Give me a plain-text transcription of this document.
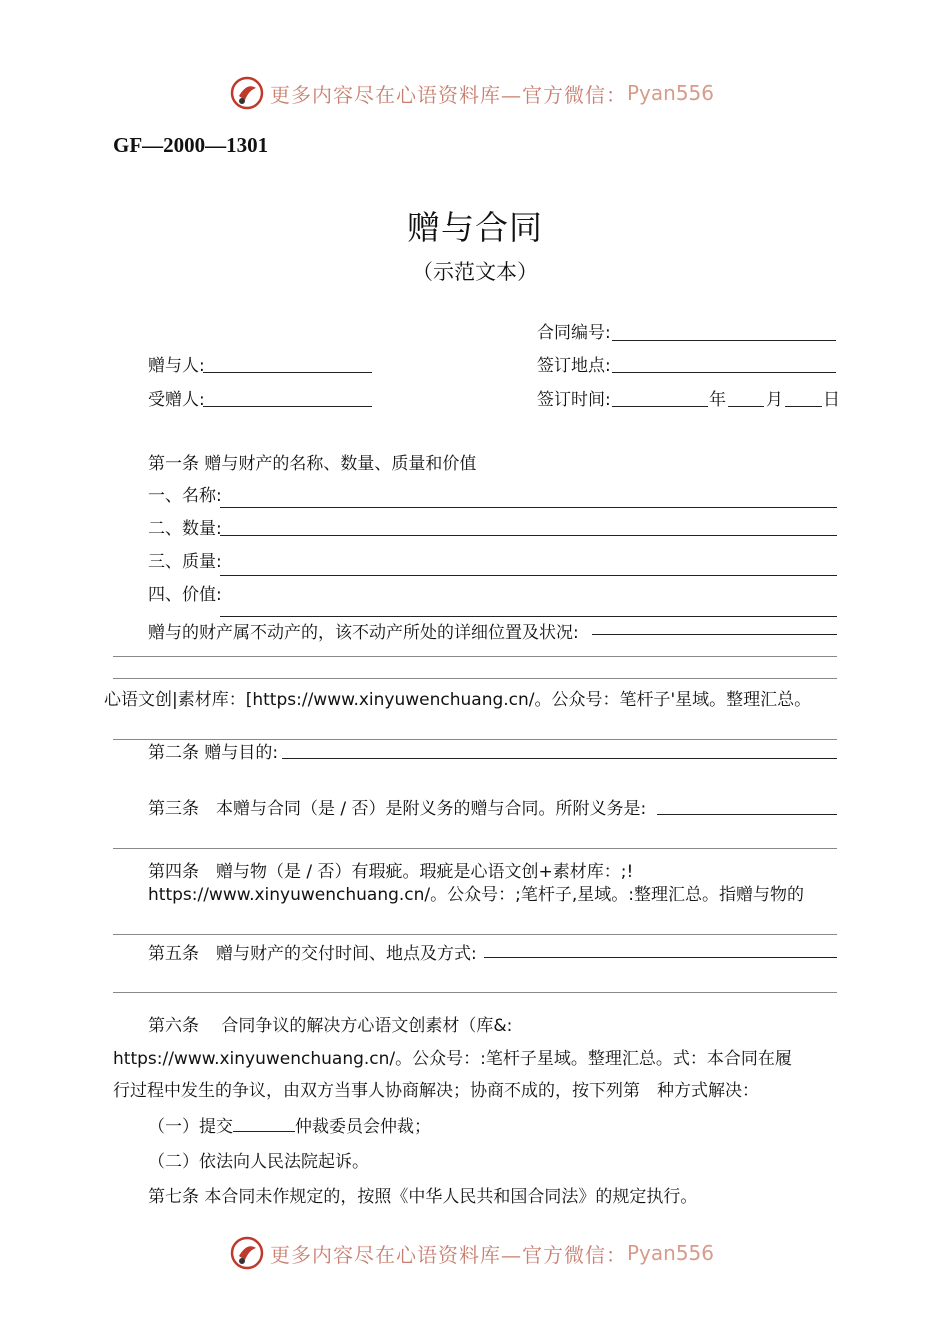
更多内容尽在心语资料库—官方微信： Pyan556
GF—2000—1301
赠与合同
（示范文本）
合同编号:
赠与人:	签订地点:
受赠人:	签订时间:	年 月 日
第一条 赠与财产的名称、数量、质量和价值
一、名称:
二、数量:
三、质量:
四、价值:
赠与的财产属不动产的，该不动产所处的详细位置及状况:
心语文创|素材库：[https://www.xinyuwenchuang.cn/。公众号：笔杆子'星域。整理汇总。
第二条 赠与目的:
第三条　本赠与合同（是 / 否）是附义务的赠与合同。所附义务是:
第四条　赠与物（是 / 否）有瑕疵。瑕疵是心语文创+素材库：;!
https://www.xinyuwenchuang.cn/。公众号：;笔杆子,星域。:整理汇总。指赠与物的
第五条　赠与财产的交付时间、地点及方式:
第六条　 合同争议的解决方心语文创素材（库&:
https://www.xinyuwenchuang.cn/。公众号：:笔杆子星域。整理汇总。式：本合同在履
行过程中发生的争议，由双方当事人协商解决；协商不成的，按下列第　种方式解决：
（一）提交	仲裁委员会仲裁；
（二）依法向人民法院起诉。
第七条 本合同未作规定的，按照《中华人民共和国合同法》的规定执行。
更多内容尽在心语资料库—官方微信： Pyan556
